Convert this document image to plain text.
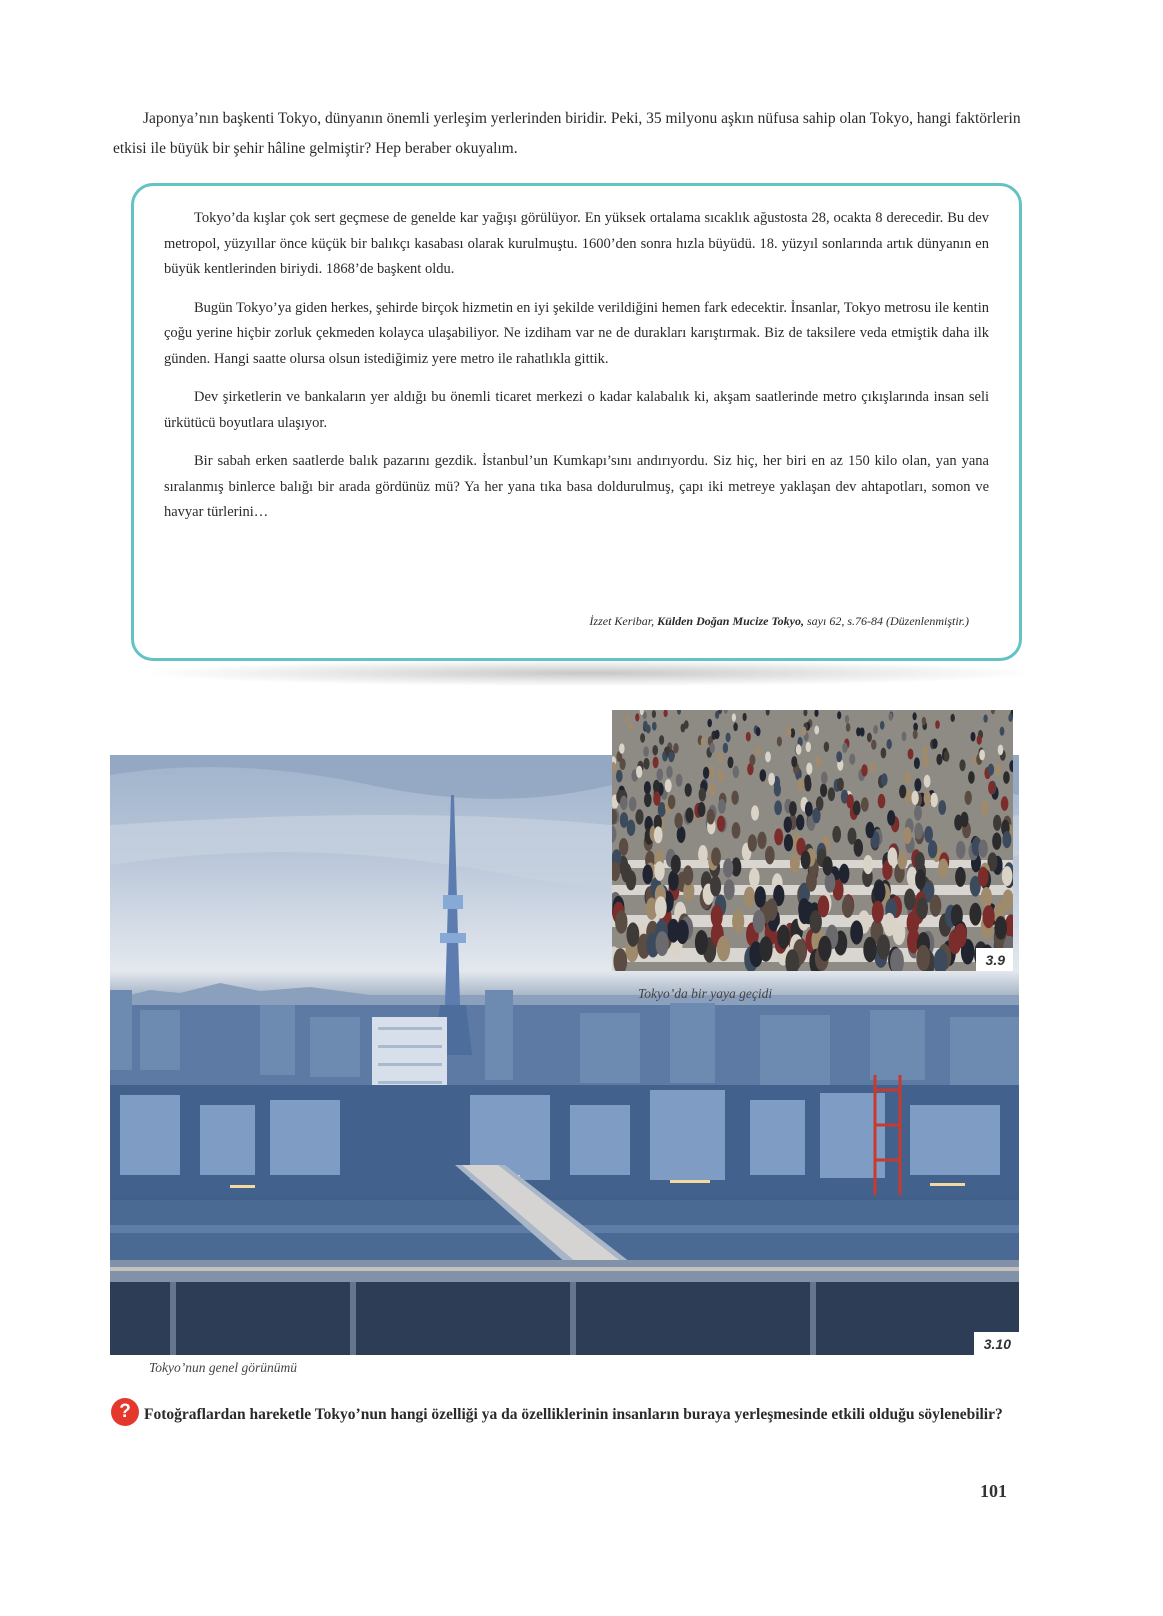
Japonya’nın başkenti Tokyo, dünyanın önemli yerleşim yerlerinden biridir. Peki, 35 milyonu aşkın nüfusa sahip olan Tokyo, hangi faktörlerin etkisi ile büyük bir şehir hâline gelmiştir? Hep beraber okuyalım.

Tokyo’da kışlar çok sert geçmese de genelde kar yağışı görülüyor. En yüksek ortalama sıcaklık ağustosta 28, ocakta 8 derecedir. Bu dev metropol, yüzyıllar önce küçük bir balıkçı kasabası olarak kurulmuştu. 1600’den sonra hızla büyüdü. 18. yüzyıl sonlarında artık dünyanın en büyük kentlerinden biriydi. 1868’de başkent oldu.

Bugün Tokyo’ya giden herkes, şehirde birçok hizmetin en iyi şekilde verildiğini hemen fark edecektir. İnsanlar, Tokyo metrosu ile kentin çoğu yerine hiçbir zorluk çekmeden kolayca ulaşabiliyor. Ne izdiham var ne de durakları karıştırmak. Biz de taksilere veda etmiştik daha ilk günden. Hangi saatte olursa olsun istediğimiz yere metro ile rahatlıkla gittik.

Dev şirketlerin ve bankaların yer aldığı bu önemli ticaret merkezi o kadar kalabalık ki, akşam saatlerinde metro çıkışlarında insan seli ürkütücü boyutlara ulaşıyor.

Bir sabah erken saatlerde balık pazarını gezdik. İstanbul’un Kumkapı’sını andırıyordu. Siz hiç, her biri en az 150 kilo olan, yan yana sıralanmış binlerce balığı bir arada gördünüz mü? Ya her yana tıka basa doldurulmuş, çapı iki metreye yaklaşan dev ahtapotları, somon ve havyar türlerini…

İzzet Keribar, Külden Doğan Mucize Tokyo, sayı 62, s.76-84 (Düzenlenmiştir.)
3.10
3.9
Tokyo’da bir yaya geçidi
Tokyo’nun genel görünümü
? Fotoğraflardan hareketle Tokyo’nun hangi özelliği ya da özelliklerinin insanların buraya yerleşmesinde etkili olduğu söylenebilir?
101
